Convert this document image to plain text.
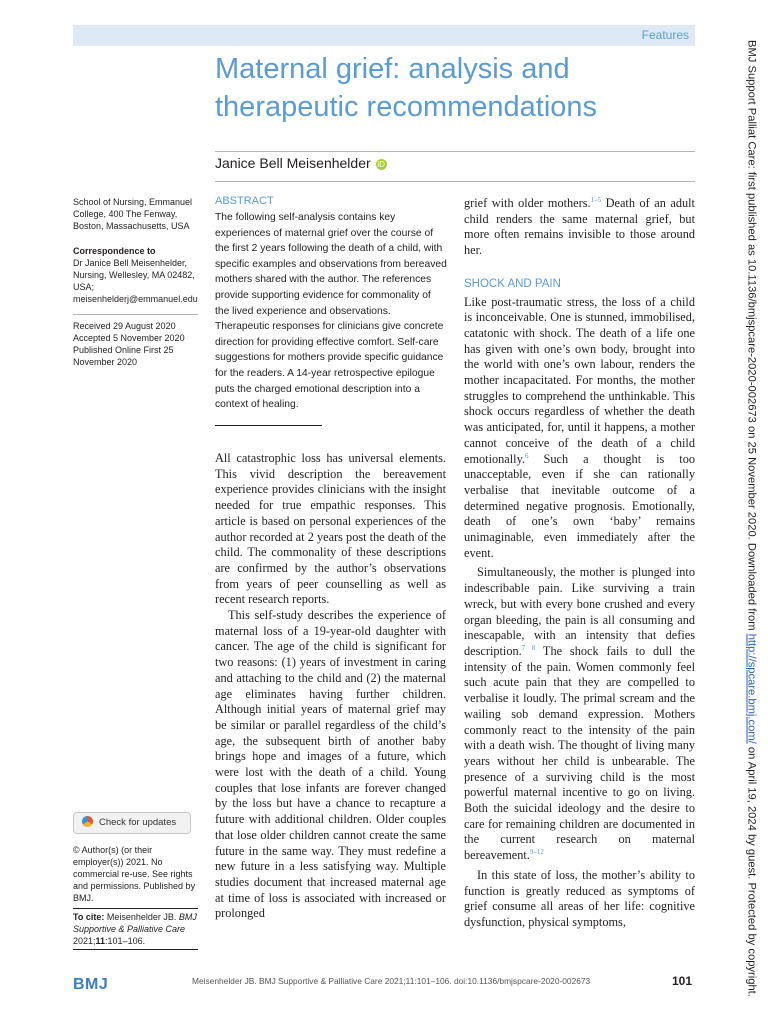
Features
Maternal grief: analysis and therapeutic recommendations
Janice Bell Meisenhelder iD
School of Nursing, Emmanuel College, 400 The Fenway, Boston, Massachusetts, USA
Correspondence to
Dr Janice Bell Meisenhelder, Nursing, Wellesley, MA 02482, USA; meisenhelderj@emmanuel.edu
Received 29 August 2020
Accepted 5 November 2020
Published Online First 25 November 2020
ABSTRACT

The following self-analysis contains key experiences of maternal grief over the course of the first 2 years following the death of a child, with specific examples and observations from bereaved mothers shared with the author. The references provide supporting evidence for commonality of the lived experience and observations. Therapeutic responses for clinicians give concrete direction for providing effective comfort. Self-care suggestions for mothers provide specific guidance for the readers. A 14-year retrospective epilogue puts the charged emotional description into a context of healing.

All catastrophic loss has universal elements. This vivid description the bereavement experience provides clinicians with the insight needed for true empathic responses. This article is based on personal experiences of the author recorded at 2 years post the death of the child. The commonality of these descriptions are confirmed by the author’s observations from years of peer counselling as well as recent research reports.

This self-study describes the experience of maternal loss of a 19-year-old daughter with cancer. The age of the child is significant for two reasons: (1) years of investment in caring and attaching to the child and (2) the maternal age eliminates having further children. Although initial years of maternal grief may be similar or parallel regardless of the child’s age, the subsequent birth of another baby brings hope and images of a future, which were lost with the death of a child. Young couples that lose infants are forever changed by the loss but have a chance to recapture a future with additional children. Older couples that lose older children cannot create the same future in the same way. They must redefine a new future in a less satisfying way. Multiple studies document that increased maternal age at time of loss is associated with increased or prolonged

grief with older mothers.$^{1-5}$ Death of an adult child renders the same maternal grief, but more often remains invisible to those around her.

SHOCK AND PAIN

Like post-traumatic stress, the loss of a child is inconceivable. One is stunned, immobilised, catatonic with shock. The death of a life one has given with one’s own body, brought into the world with one’s own labour, renders the mother incapacitated. For months, the mother struggles to comprehend the unthinkable. This shock occurs regardless of whether the death was anticipated, for, until it happens, a mother cannot conceive of the death of a child emotionally.$^6$ Such a thought is too unacceptable, even if she can rationally verbalise that inevitable outcome of a determined negative prognosis. Emotionally, death of one’s own ‘baby’ remains unimaginable, even immediately after the event.

Simultaneously, the mother is plunged into indescribable pain. Like surviving a train wreck, but with every bone crushed and every organ bleeding, the pain is all consuming and inescapable, with an intensity that defies description.$^{7 8}$ The shock fails to dull the intensity of the pain. Women commonly feel such acute pain that they are compelled to verbalise it loudly. The primal scream and the wailing sob demand expression. Mothers commonly react to the intensity of the pain with a death wish. The thought of living many years without her child is unbearable. The presence of a surviving child is the most powerful maternal incentive to go on living. Both the suicidal ideology and the desire to care for remaining children are documented in the current research on maternal bereavement.$^{9-12}$

In this state of loss, the mother’s ability to function is greatly reduced as symptoms of grief consume all areas of her life: cognitive dysfunction, physical symptoms,

Check for updates
© Author(s) (or their employer(s)) 2021. No commercial re-use. See rights and permissions. Published by BMJ.
To cite: Meisenhelder JB. BMJ Supportive & Palliative Care 2021;11:101–106.
BMJ	Meisenhelder JB. BMJ Supportive & Palliative Care 2021;11:101–106. doi:10.1136/bmjspcare-2020-002673	101
BMJ Support Palliat Care: first published as 10.1136/bmjspcare-2020-002673 on 25 November 2020. Downloaded from http://spcare.bmj.com/ on April 19, 2024 by guest. Protected by copyright.
